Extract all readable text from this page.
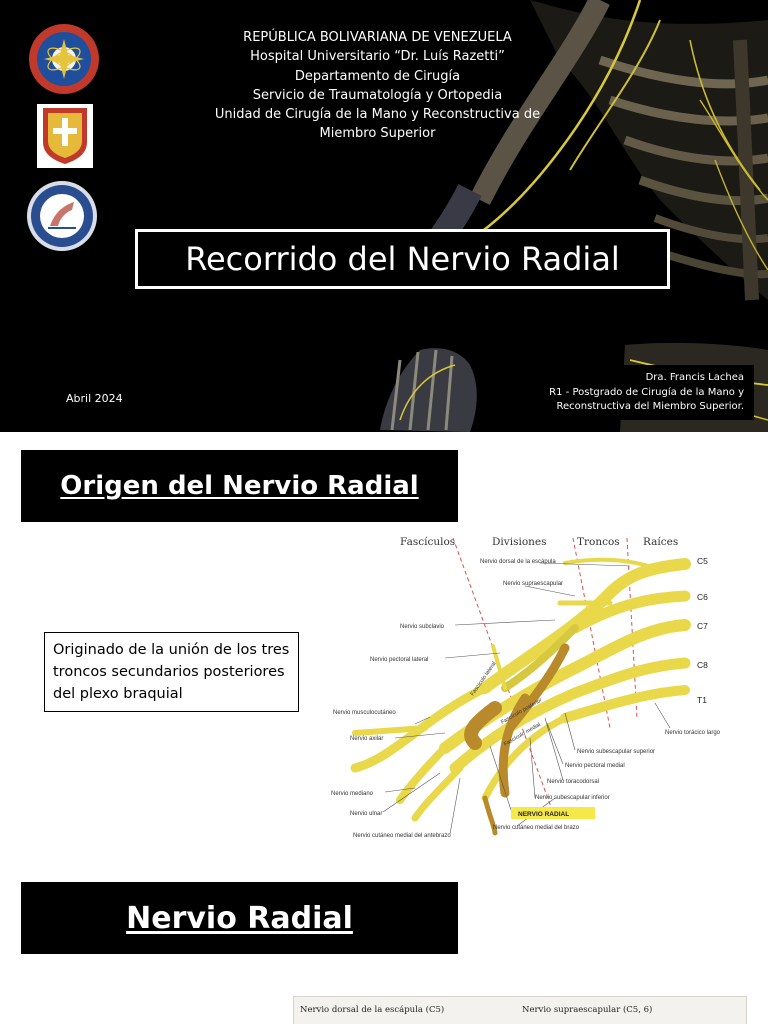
REPÚBLICA BOLIVARIANA DE VENEZUELA
Hospital Universitario “Dr. Luís Razetti”
Departamento de Cirugía
Servicio de Traumatología y Ortopedia
Unidad de Cirugía de la Mano y Reconstructiva de
Miembro Superior
Recorrido del Nervio Radial
Abril 2024
Dra. Francis Lachea
R1 - Postgrado de Cirugía de la Mano y
Reconstructiva del Miembro Superior.
Origen del Nervio Radial
Originado de la unión de los tres troncos secundarios posteriores del plexo braquial
Fascículos	Divisiones	Troncos Raíces
Fascículo lateral
Fascículo posterior
Fascículo medial
C5
C6
C7
C8
T1
Nervio dorsal de la escápula
Nervio supraescapular
Nervio subclavio
Nervio pectoral lateral
Nervio musculocutáneo
Nervio axilar
Nervio mediano
Nervio ulnar
Nervio cutáneo medial del antebrazo
Nervio cutáneo medial del brazo
Nervio subescapular inferior
Nervio toracodorsal
Nervio pectoral medial
Nervio subescapular superior
Nervio torácico largo
NERVIO RADIAL
Nervio Radial
Nervio dorsal de la escápula (C5)	Nervio supraescapular (C5, 6)
